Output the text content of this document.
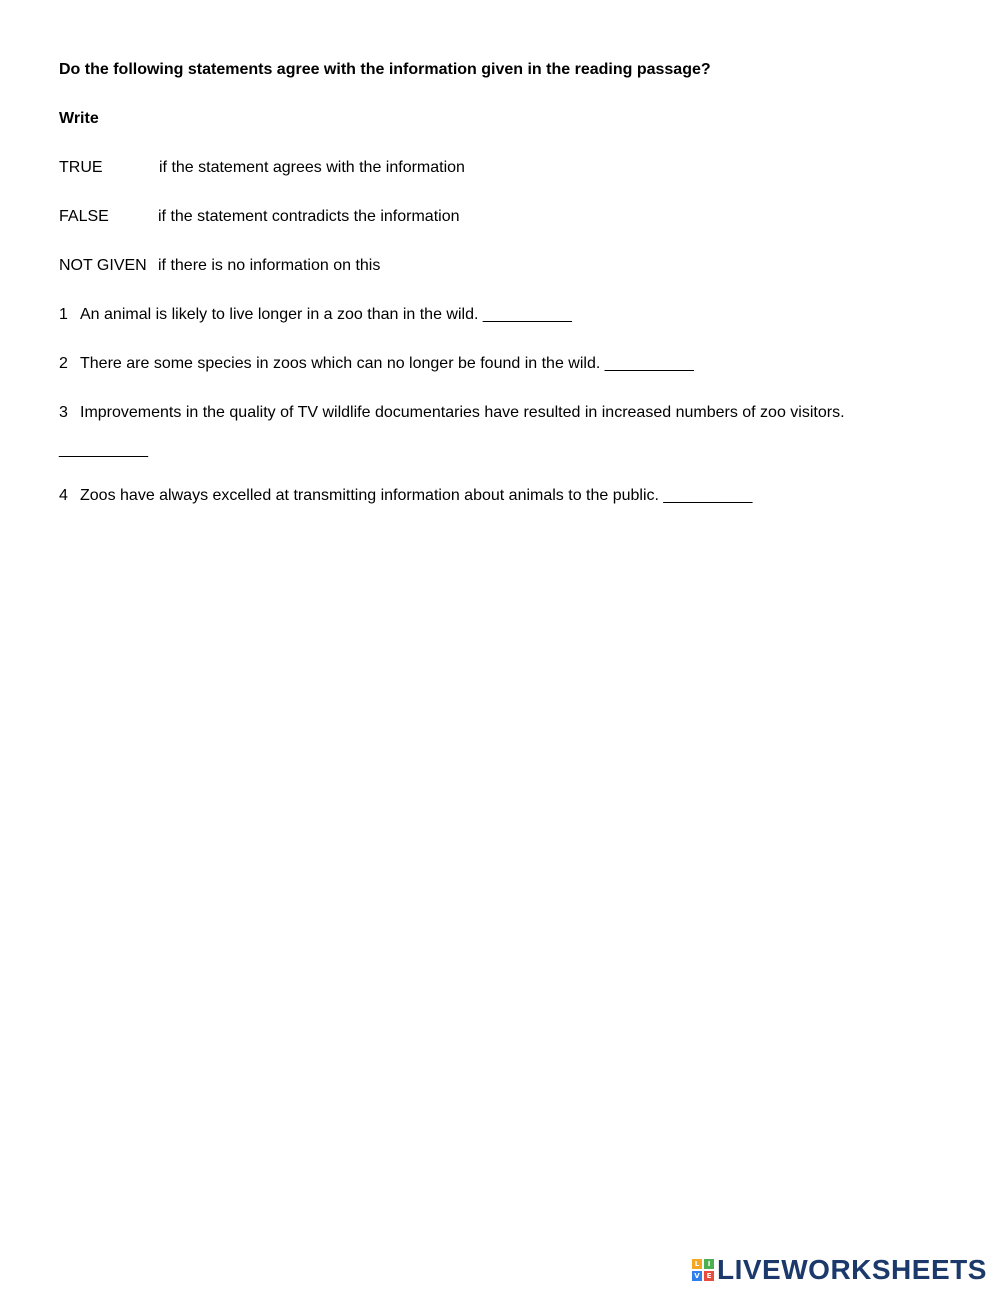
Do the following statements agree with the information given in the reading passage?
Write
TRUE	if the statement agrees with the information
FALSE	if the statement contradicts the information
NOT GIVEN if there is no information on this
1 An animal is likely to live longer in a zoo than in the wild. __________
2 There are some species in zoos which can no longer be found in the wild. __________
3 Improvements in the quality of TV wildlife documentaries have resulted in increased numbers of zoo visitors.
__________
4 Zoos have always excelled at transmitting information about animals to the public. __________
L	I
V E LIVEWORKSHEETS
